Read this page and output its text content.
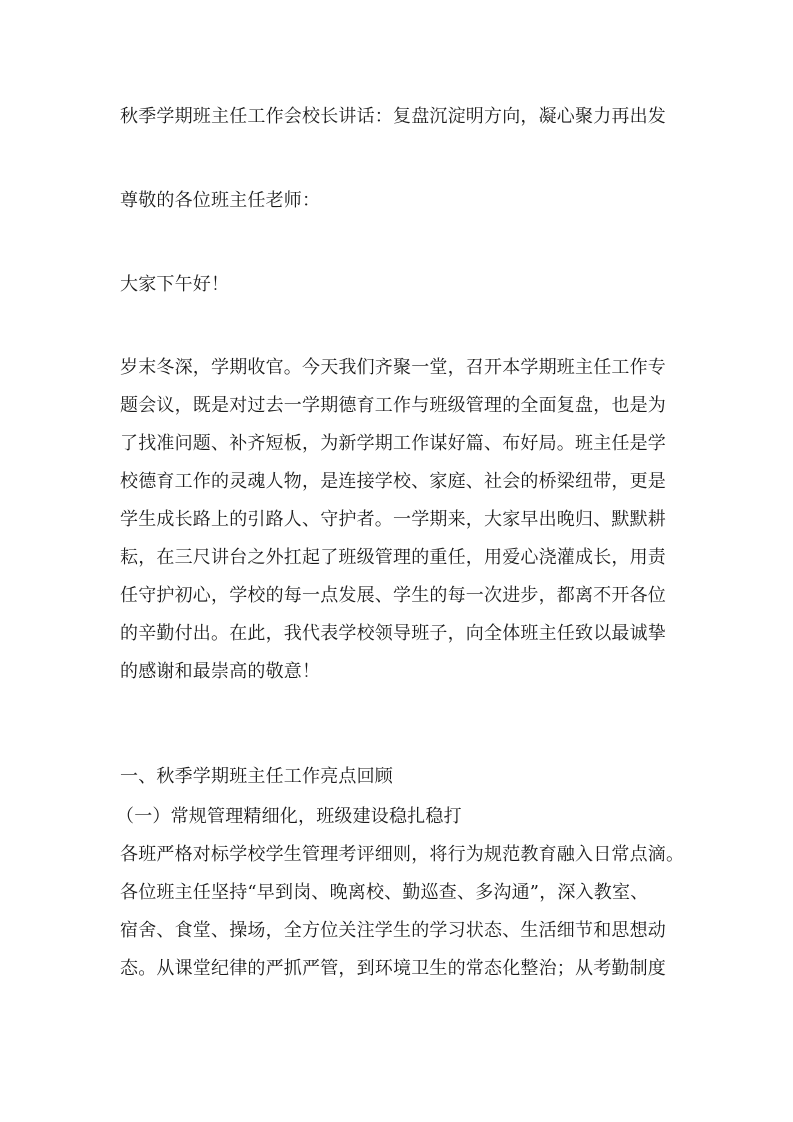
秋季学期班主任工作会校长讲话：复盘沉淀明方向，凝心聚力再出发
尊敬的各位班主任老师：
大家下午好！
岁末冬深，学期收官。今天我们齐聚一堂，召开本学期班主任工作专
题会议，既是对过去一学期德育工作与班级管理的全面复盘，也是为
了找准问题、补齐短板，为新学期工作谋好篇、布好局。班主任是学
校德育工作的灵魂人物，是连接学校、家庭、社会的桥梁纽带，更是
学生成长路上的引路人、守护者。一学期来，大家早出晚归、默默耕
耘，在三尺讲台之外扛起了班级管理的重任，用爱心浇灌成长，用责
任守护初心，学校的每一点发展、学生的每一次进步，都离不开各位
的辛勤付出。在此，我代表学校领导班子，向全体班主任致以最诚挚
的感谢和最崇高的敬意！
一、秋季学期班主任工作亮点回顾
（一）常规管理精细化，班级建设稳扎稳打
各班严格对标学校学生管理考评细则，将行为规范教育融入日常点滴。
各位班主任坚持“早到岗、晚离校、勤巡查、多沟通”，深入教室、
宿舍、食堂、操场，全方位关注学生的学习状态、生活细节和思想动
态。从课堂纪律的严抓严管，到环境卫生的常态化整治；从考勤制度
